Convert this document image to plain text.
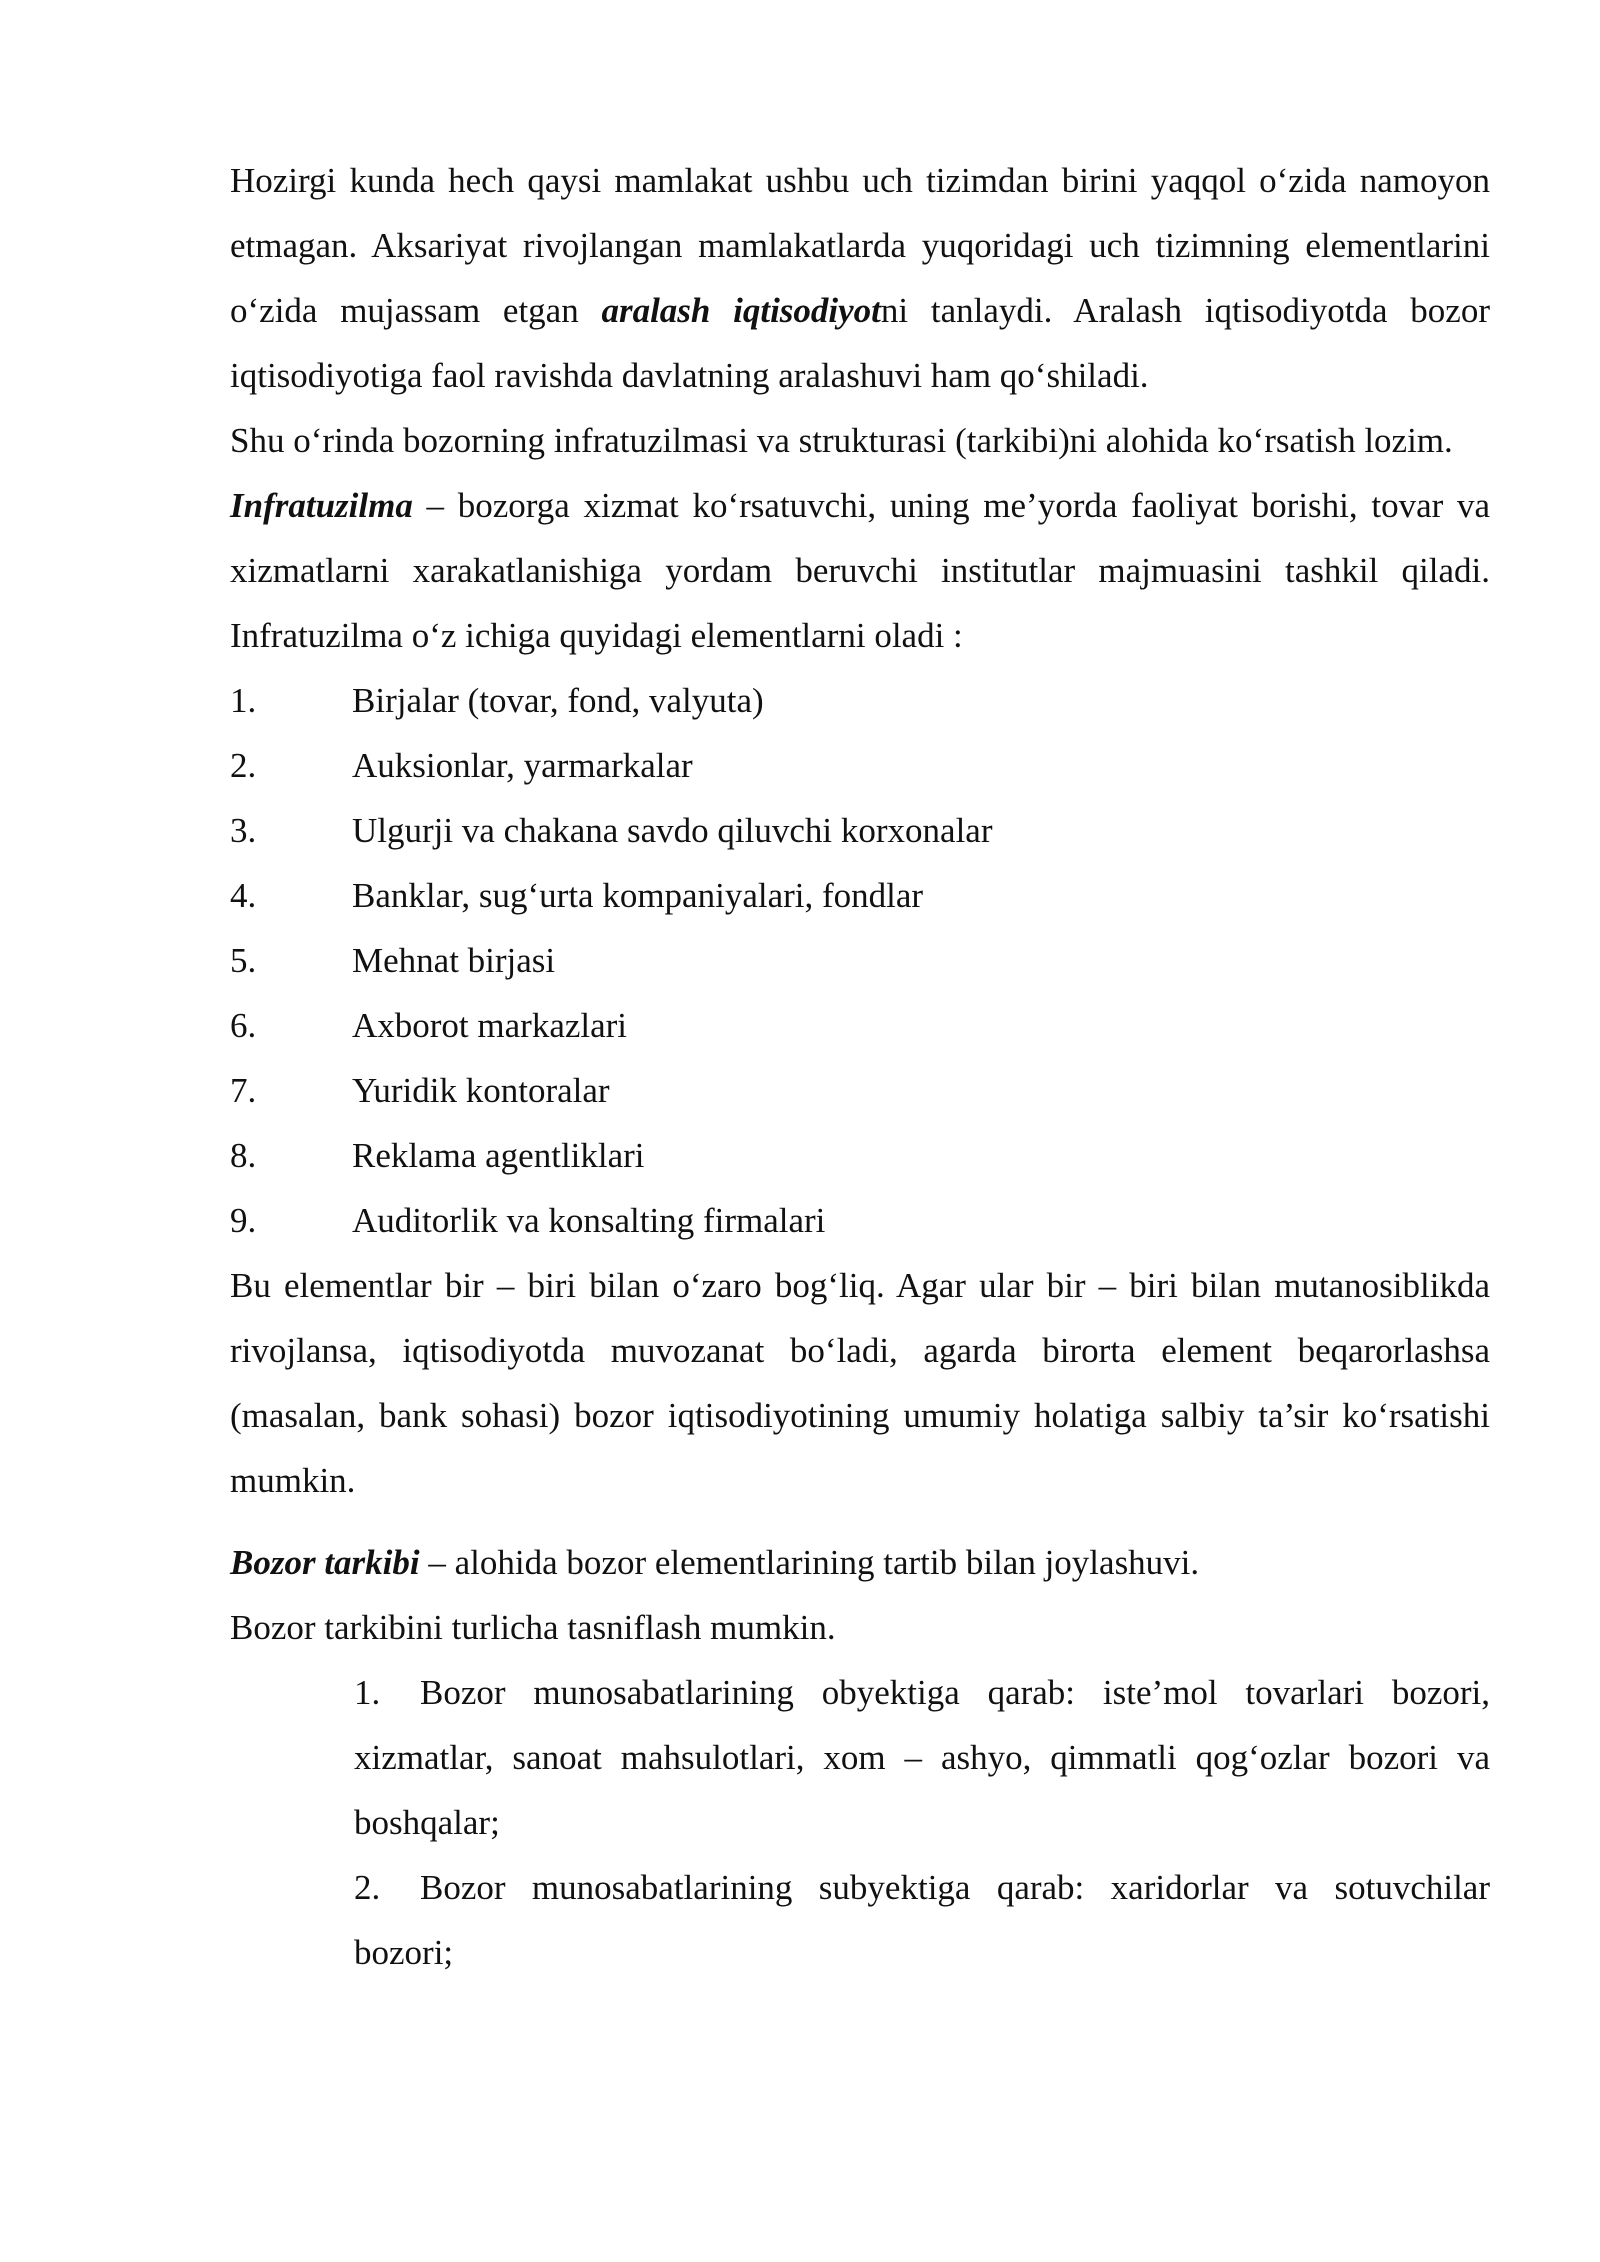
Hozirgi kunda hech qaysi mamlakat ushbu uch tizimdan birini yaqqol o‘zida namoyon etmagan. Aksariyat rivojlangan mamlakatlarda yuqoridagi uch tizimning elementlarini o‘zida mujassam etgan aralash iqtisodiyotni tanlaydi. Aralash iqtisodiyotda bozor iqtisodiyotiga faol ravishda davlatning aralashuvi ham qo‘shiladi.

Shu o‘rinda bozorning infratuzilmasi va strukturasi (tarkibi)ni alohida ko‘rsatish lozim.

Infratuzilma – bozorga xizmat ko‘rsatuvchi, uning me’yorda faoliyat borishi, tovar va xizmatlarni xarakatlanishiga yordam beruvchi institutlar majmuasini tashkil qiladi. Infratuzilma o‘z ichiga quyidagi elementlarni oladi :

1.	Birjalar (tovar, fond, valyuta)
2.	Auksionlar, yarmarkalar
3.	Ulgurji va chakana savdo qiluvchi korxonalar
4.	Banklar, sug‘urta kompaniyalari, fondlar
5.	Mehnat birjasi
6.	Axborot markazlari
7.	Yuridik kontoralar
8.	Reklama agentliklari
9.	Auditorlik va konsalting firmalari

Bu elementlar bir – biri bilan o‘zaro bog‘liq. Agar ular bir – biri bilan mutanosiblikda rivojlansa, iqtisodiyotda muvozanat bo‘ladi, agarda birorta element beqarorlashsa (masalan, bank sohasi) bozor iqtisodiyotining umumiy holatiga salbiy ta’sir ko‘rsatishi mumkin.

Bozor tarkibi – alohida bozor elementlarining tartib bilan joylashuvi.

Bozor tarkibini turlicha tasniflash mumkin.

1. Bozor munosabatlarining obyektiga qarab: iste’mol tovarlari bozori, xizmatlar, sanoat mahsulotlari, xom – ashyo, qimmatli qog‘ozlar bozori va boshqalar;
2. Bozor munosabatlarining subyektiga qarab: xaridorlar va sotuvchilar bozori;
